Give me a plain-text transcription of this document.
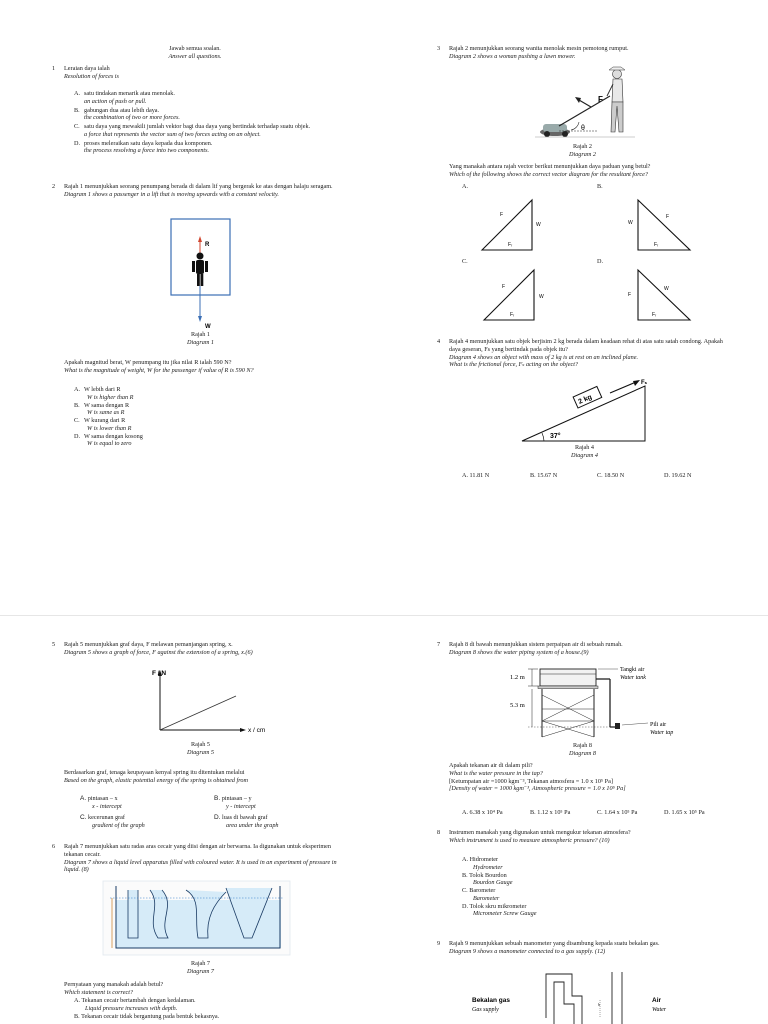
Jawab semua soalan.
Answer all questions.
1 Leraian daya ialah
Resolution of forces is
A. satu tindakan menarik atau menolak.
an action of push or pull.
B. gabungan dua atau lebih daya.
the combination of two or more forces.
C. satu daya yang mewakili jumlah vektor bagi dua daya yang bertindak terhadap suatu objek.
a force that represents the vector sum of two forces acting on an object.
D. proses meleraikan satu daya kepada dua komponen.
the process resolving a force into two components.
2 Rajah 1 menunjukkan seorang penumpang berada di dalam lif yang bergerak ke atas dengan halaju seragam.
Diagram 1 shows a passenger in a lift that is moving upwards with a constant velocity.
R
W
Rajah 1
Diagram 1
Apakah magnitud berat, W penumpang itu jika nilai R ialah 590 N?
What is the magnitude of weight, W for the passenger if value of R is 590 N?
A. W lebih dari R
W is higher than R
B. W sama dengan R
W is same as R
C. W kurang dari R
W is lower than R
D. W sama dengan kosong
W is equal to zero
3 Rajah 2 menunjukkan seorang wanita menolak mesin pemotong rumput.
Diagram 2 shows a woman pushing a lawn mower.
F
θ
Rajah 2
Diagram 2
Yang manakah antara rajah vector berikut menunjukkan daya paduan yang betul?
Which of the following shows the correct vector diagram for the resultant force?
A.	B.
C.	D.
F
W
Fᵣ
W
F
Fᵣ
F
W
Fᵣ
F
W
Fᵣ
4 Rajah 4 menunjukkan satu objek berjisim 2 kg berada dalam keadaan rehat di atas satu satah condong. Apakah daya geseran, Fs yang bertindak pada objek itu?
Diagram 4 shows an object with mass of 2 kg is at rest on an inclined plane.
What is the frictional force, Fₛ acting on the object?
2 kg
Fₛ
37°
Rajah 4
Diagram 4
A. 11.81 N	B. 15.67 N	C. 18.50 N	D. 19.62 N
5 Rajah 5 menunjukkan graf daya, F melawan pemanjangan spring, x.
Diagram 5 shows a graph of force, F against the extension of a spring, x.(6)
F / N
x / cm
Rajah 5
Diagram 5
Berdasarkan graf, tenaga keupayaan kenyal spring itu ditentukan melalui
Based on the graph, elastic potential energy of the spring is obtained from
A. pintasan – x
x - intercept
B. pintasan – y
y - intercept
C. kecerunan graf
gradient of the graph
D. luas di bawah graf
area under the graph
6 Rajah 7 menunjukkan satu radas aras cecair yang diisi dengan air berwarna. Ia digunakan untuk eksperimen tekanan cecair.
Diagram 7 shows a liquid level apparatus filled with coloured water. It is used in an experiment of pressure in liquid. (8)
Rajah 7
Diagram 7
Pernyataan yang manakah adalah betul?
Which statement is correct?
A. Tekanan cecair bertambah dengan kedalaman.
Liquid pressure increases with depth.
B. Tekanan cecair tidak bergantung pada bentuk bekasnya.
7 Rajah 8 di bawah menunjukkan sistem perpaipan air di sebuah rumah.
Diagram 8 shows the water piping system of a house.(9)
1.2 m
5.3 m
Tangki air
Water tank
Pili air
Water tap
Rajah 8
Diagram 8
Apakah tekanan air di dalam pili?
What is the water pressure in the tap?
[Ketumpatan air =1000 kgm⁻³, Tekanan atmosfera = 1.0 x 10⁵ Pa]
[Density of water = 1000 kgm⁻³, Atmospheric pressure = 1.0 x 10⁵ Pa]
A. 6.38 x 10⁴ Pa	B. 1.12 x 10⁵ Pa	C. 1.64 x 10⁵ Pa	D. 1.65 x 10⁵ Pa
8 Instrumen manakah yang digunakan untuk mengukur tekanan atmosfera?
Which instrument is used to measure atmospheric pressure? (10)
A. Hidrometer
Hydrometer
B. Tolok Bourdon
Bourdon Gauge
C. Barometer
Barometer
D. Tolok skru mikrometer
Micrometer Screw Gauge
9 Rajah 9 menunjukkan sebuah manometer yang disambung kepada suatu bekalan gas.
Diagram 9 shows a manometer connected to a gas supply. (12)
h
Bekalan gas
Gas supply
Air
Water
